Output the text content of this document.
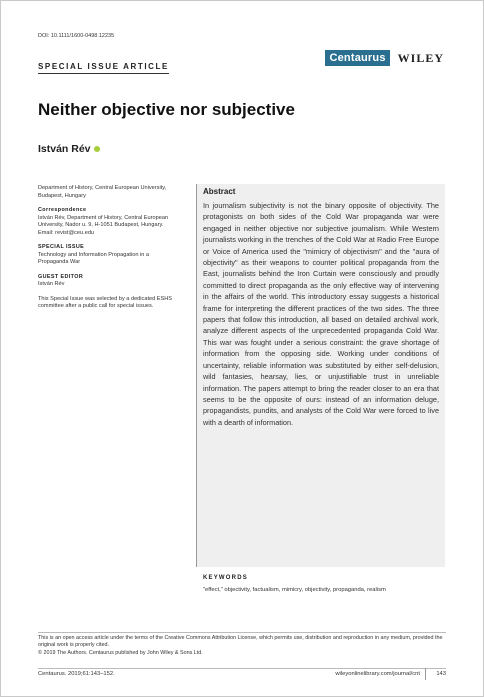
DOI: 10.1111/1600-0498.12235
Centaurus	WILEY
SPECIAL ISSUE ARTICLE
Neither objective nor subjective
István Rév
Department of History, Central European University, Budapest, Hungary
Correspondence
István Rév, Department of History, Central European University, Nador u. 9, H-1051 Budapest, Hungary.
Email: revist@ceu.edu
SPECIAL ISSUE
Technology and Information Propagation in a Propaganda War
GUEST EDITOR
István Rév
This Special Issue was selected by a dedicated ESHS committee after a public call for special issues.
Abstract
In journalism subjectivity is not the binary opposite of objectivity. The protagonists on both sides of the Cold War propaganda war were engaged in neither objective nor subjective journalism. While Western journalists working in the trenches of the Cold War at Radio Free Europe or Voice of America used the "mimicry of objectivism" and the "aura of objectivity" as their weapons to counter political propaganda from the East, journalists behind the Iron Curtain were consciously and proudly committed to direct propaganda as the only effective way of intervening in the affairs of the world. This introductory essay suggests a historical frame for interpreting the different practices of the two sides. The three papers that follow this introduction, all based on detailed archival work, analyze different aspects of the unprecedented propaganda Cold War. This war was fought under a serious constraint: the grave shortage of information from the opposing side. Working under conditions of uncertainty, reliable information was substituted by either self-delusion, wild fantasies, hearsay, lies, or unjustifiable trust in unreliable information. The papers attempt to bring the reader closer to an era that seems to be the opposite of ours: instead of an information deluge, propagandists, pundits, and analysts of the Cold War were forced to live with a dearth of information.
KEYWORDS
"effect," objectivity, factualism, mimicry, objectivity, propaganda, realism
This is an open access article under the terms of the Creative Commons Attribution License, which permits use, distribution and reproduction in any medium, provided the original work is properly cited.
© 2019 The Authors. Centaurus published by John Wiley & Sons Ltd.
Centaurus. 2019;61:143–152.	wileyonlinelibrary.com/journal/cnt	143
